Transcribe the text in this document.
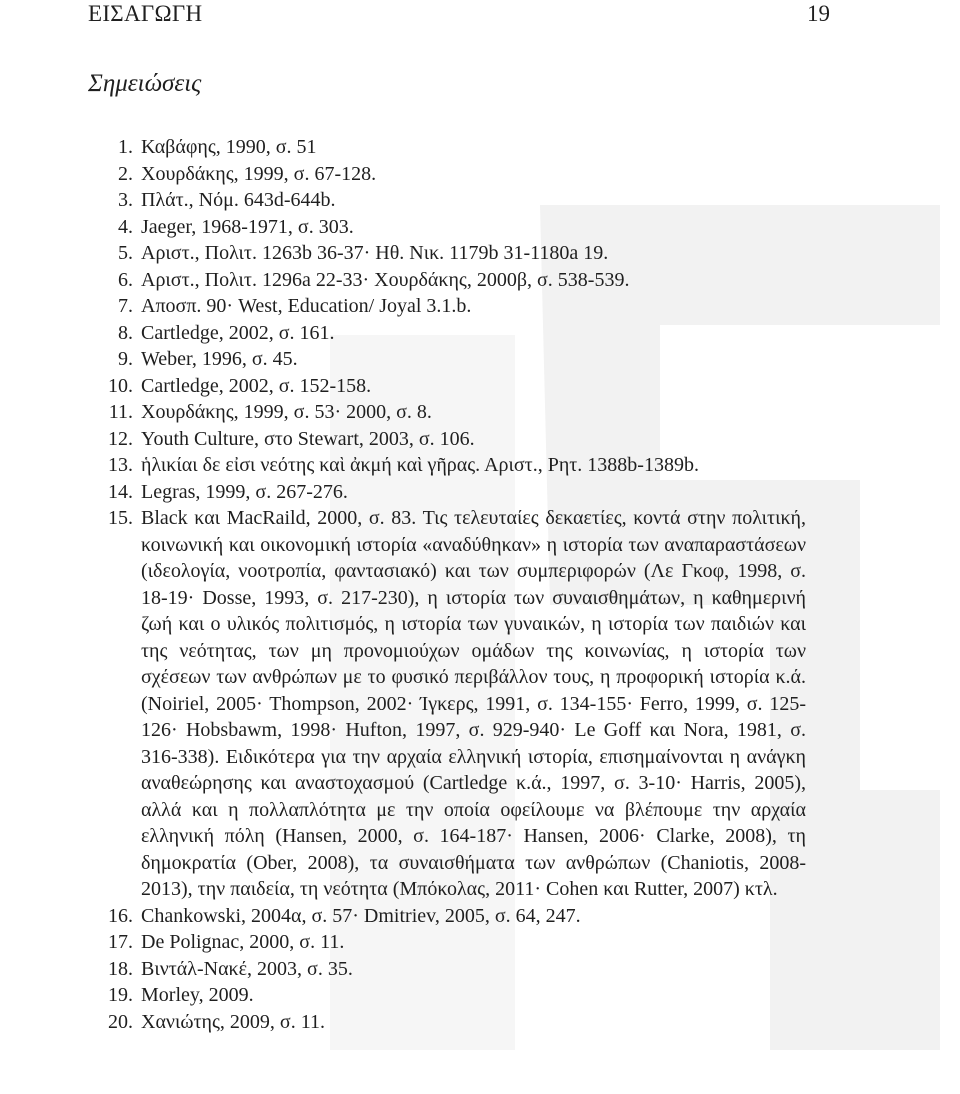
ΕΙΣΑΓΩΓΗ	19
Σημειώσεις
1. Καβάφης, 1990, σ. 51
2. Χουρδάκης, 1999, σ. 67-128.
3. Πλάτ., Νόμ. 643d-644b.
4. Jaeger, 1968-1971, σ. 303.
5. Αριστ., Πολιτ. 1263b 36-37· Ηθ. Νικ. 1179b 31-1180a 19.
6. Αριστ., Πολιτ. 1296a 22-33· Χουρδάκης, 2000β, σ. 538-539.
7. Αποσπ. 90· West, Education/ Joyal 3.1.b.
8. Cartledge, 2002, σ. 161.
9. Weber, 1996, σ. 45.
10. Cartledge, 2002, σ. 152-158.
11. Χουρδάκης, 1999, σ. 53· 2000, σ. 8.
12. Youth Culture, στο Stewart, 2003, σ. 106.
13. ἡλικίαι δε εἰσι νεότης καὶ ἀκμή καὶ γῆρας. Αριστ., Ρητ. 1388b-1389b.
14. Legras, 1999, σ. 267-276.
15. Black και MacRaild, 2000, σ. 83. Τις τελευταίες δεκαετίες, κοντά στην πολιτική, κοινωνική και οικονομική ιστορία «αναδύθηκαν» η ιστορία των αναπαραστάσεων (ιδεολογία, νοοτροπία, φαντασιακό) και των συμπεριφορών (Λε Γκοφ, 1998, σ. 18-19· Dosse, 1993, σ. 217-230), η ιστορία των συναισθημάτων, η καθημερινή ζωή και ο υλικός πολιτισμός, η ιστορία των γυναικών, η ιστορία των παιδιών και της νεότητας, των μη προνομιούχων ομάδων της κοινωνίας, η ιστορία των σχέσεων των ανθρώπων με το φυσικό περιβάλλον τους, η προφορική ιστορία κ.ά. (Noiriel, 2005· Thompson, 2002· Ίγκερς, 1991, σ. 134-155· Ferro, 1999, σ. 125-126· Hobsbawm, 1998· Hufton, 1997, σ. 929-940· Le Goff και Nora, 1981, σ. 316-338). Ειδικότερα για την αρχαία ελληνική ιστορία, επισημαίνονται η ανάγκη αναθεώρησης και αναστοχασμού (Cartledge κ.ά., 1997, σ. 3-10· Harris, 2005), αλλά και η πολλαπλότητα με την οποία οφείλουμε να βλέπουμε την αρχαία ελληνική πόλη (Hansen, 2000, σ. 164-187· Hansen, 2006· Clarke, 2008), τη δημοκρατία (Ober, 2008), τα συναισθήματα των ανθρώπων (Chaniotis, 2008-2013), την παιδεία, τη νεότητα (Μπόκολας, 2011· Cohen και Rutter, 2007) κτλ.
16. Chankowski, 2004α, σ. 57· Dmitriev, 2005, σ. 64, 247.
17. De Polignac, 2000, σ. 11.
18. Βιντάλ-Νακέ, 2003, σ. 35.
19. Morley, 2009.
20. Χανιώτης, 2009, σ. 11.
